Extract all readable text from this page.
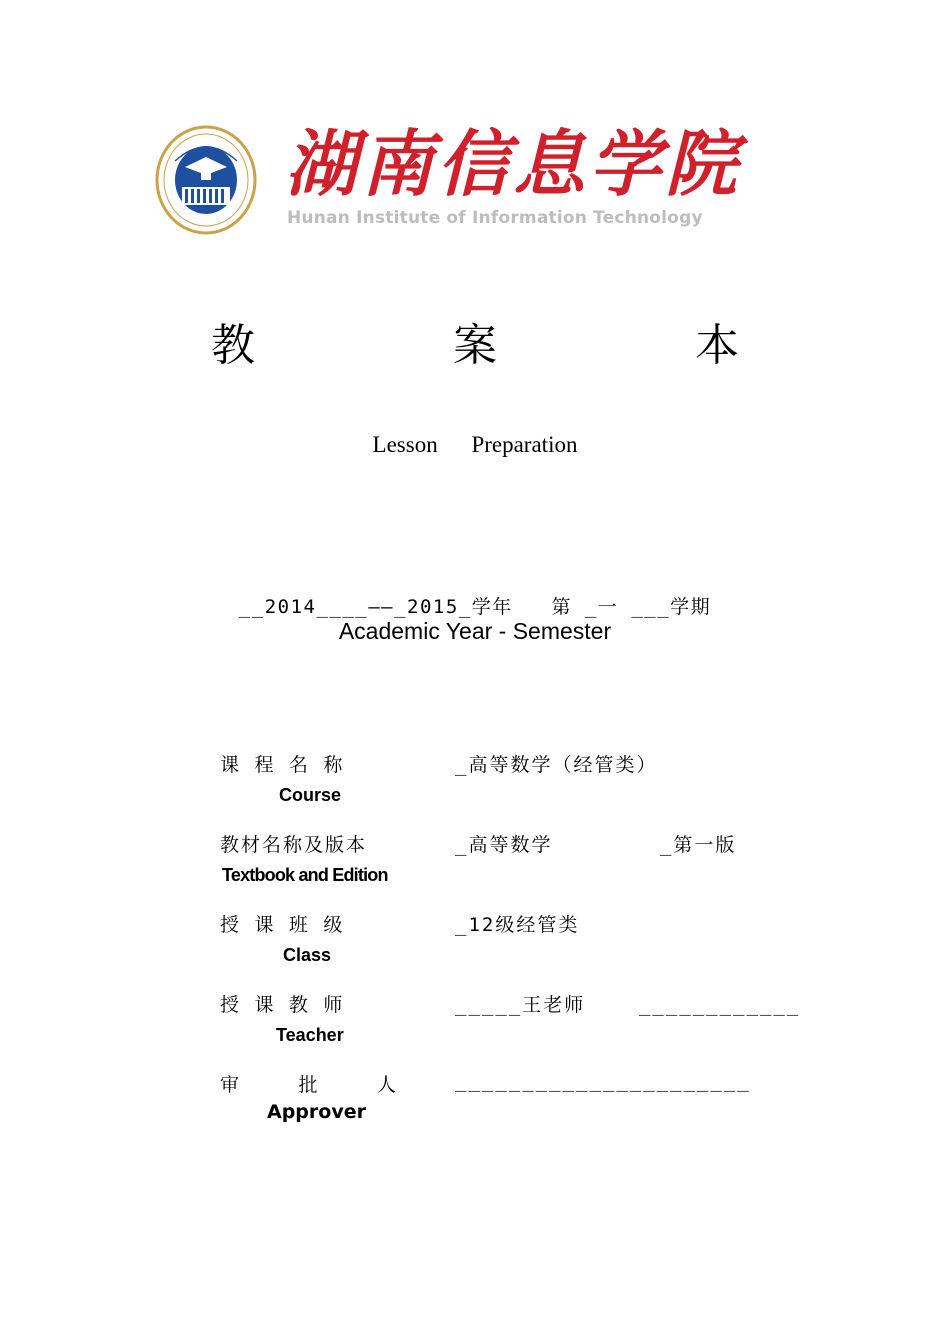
湖南信息学院
Hunan Institute of Information Technology
教 案 本
Lesson Preparation
__2014____——_2015_学年   第 _一 ___学期
Academic Year - Semester
课 程 名 称	_高等数学（经管类）
Course
教材名称及版本	_高等数学        _第一版
Textbook and Edition
授 课 班 级	_12级经管类
Class
授 课 教 师	_____王老师    ____________
Teacher
审 批 人 ______________________
Approver
